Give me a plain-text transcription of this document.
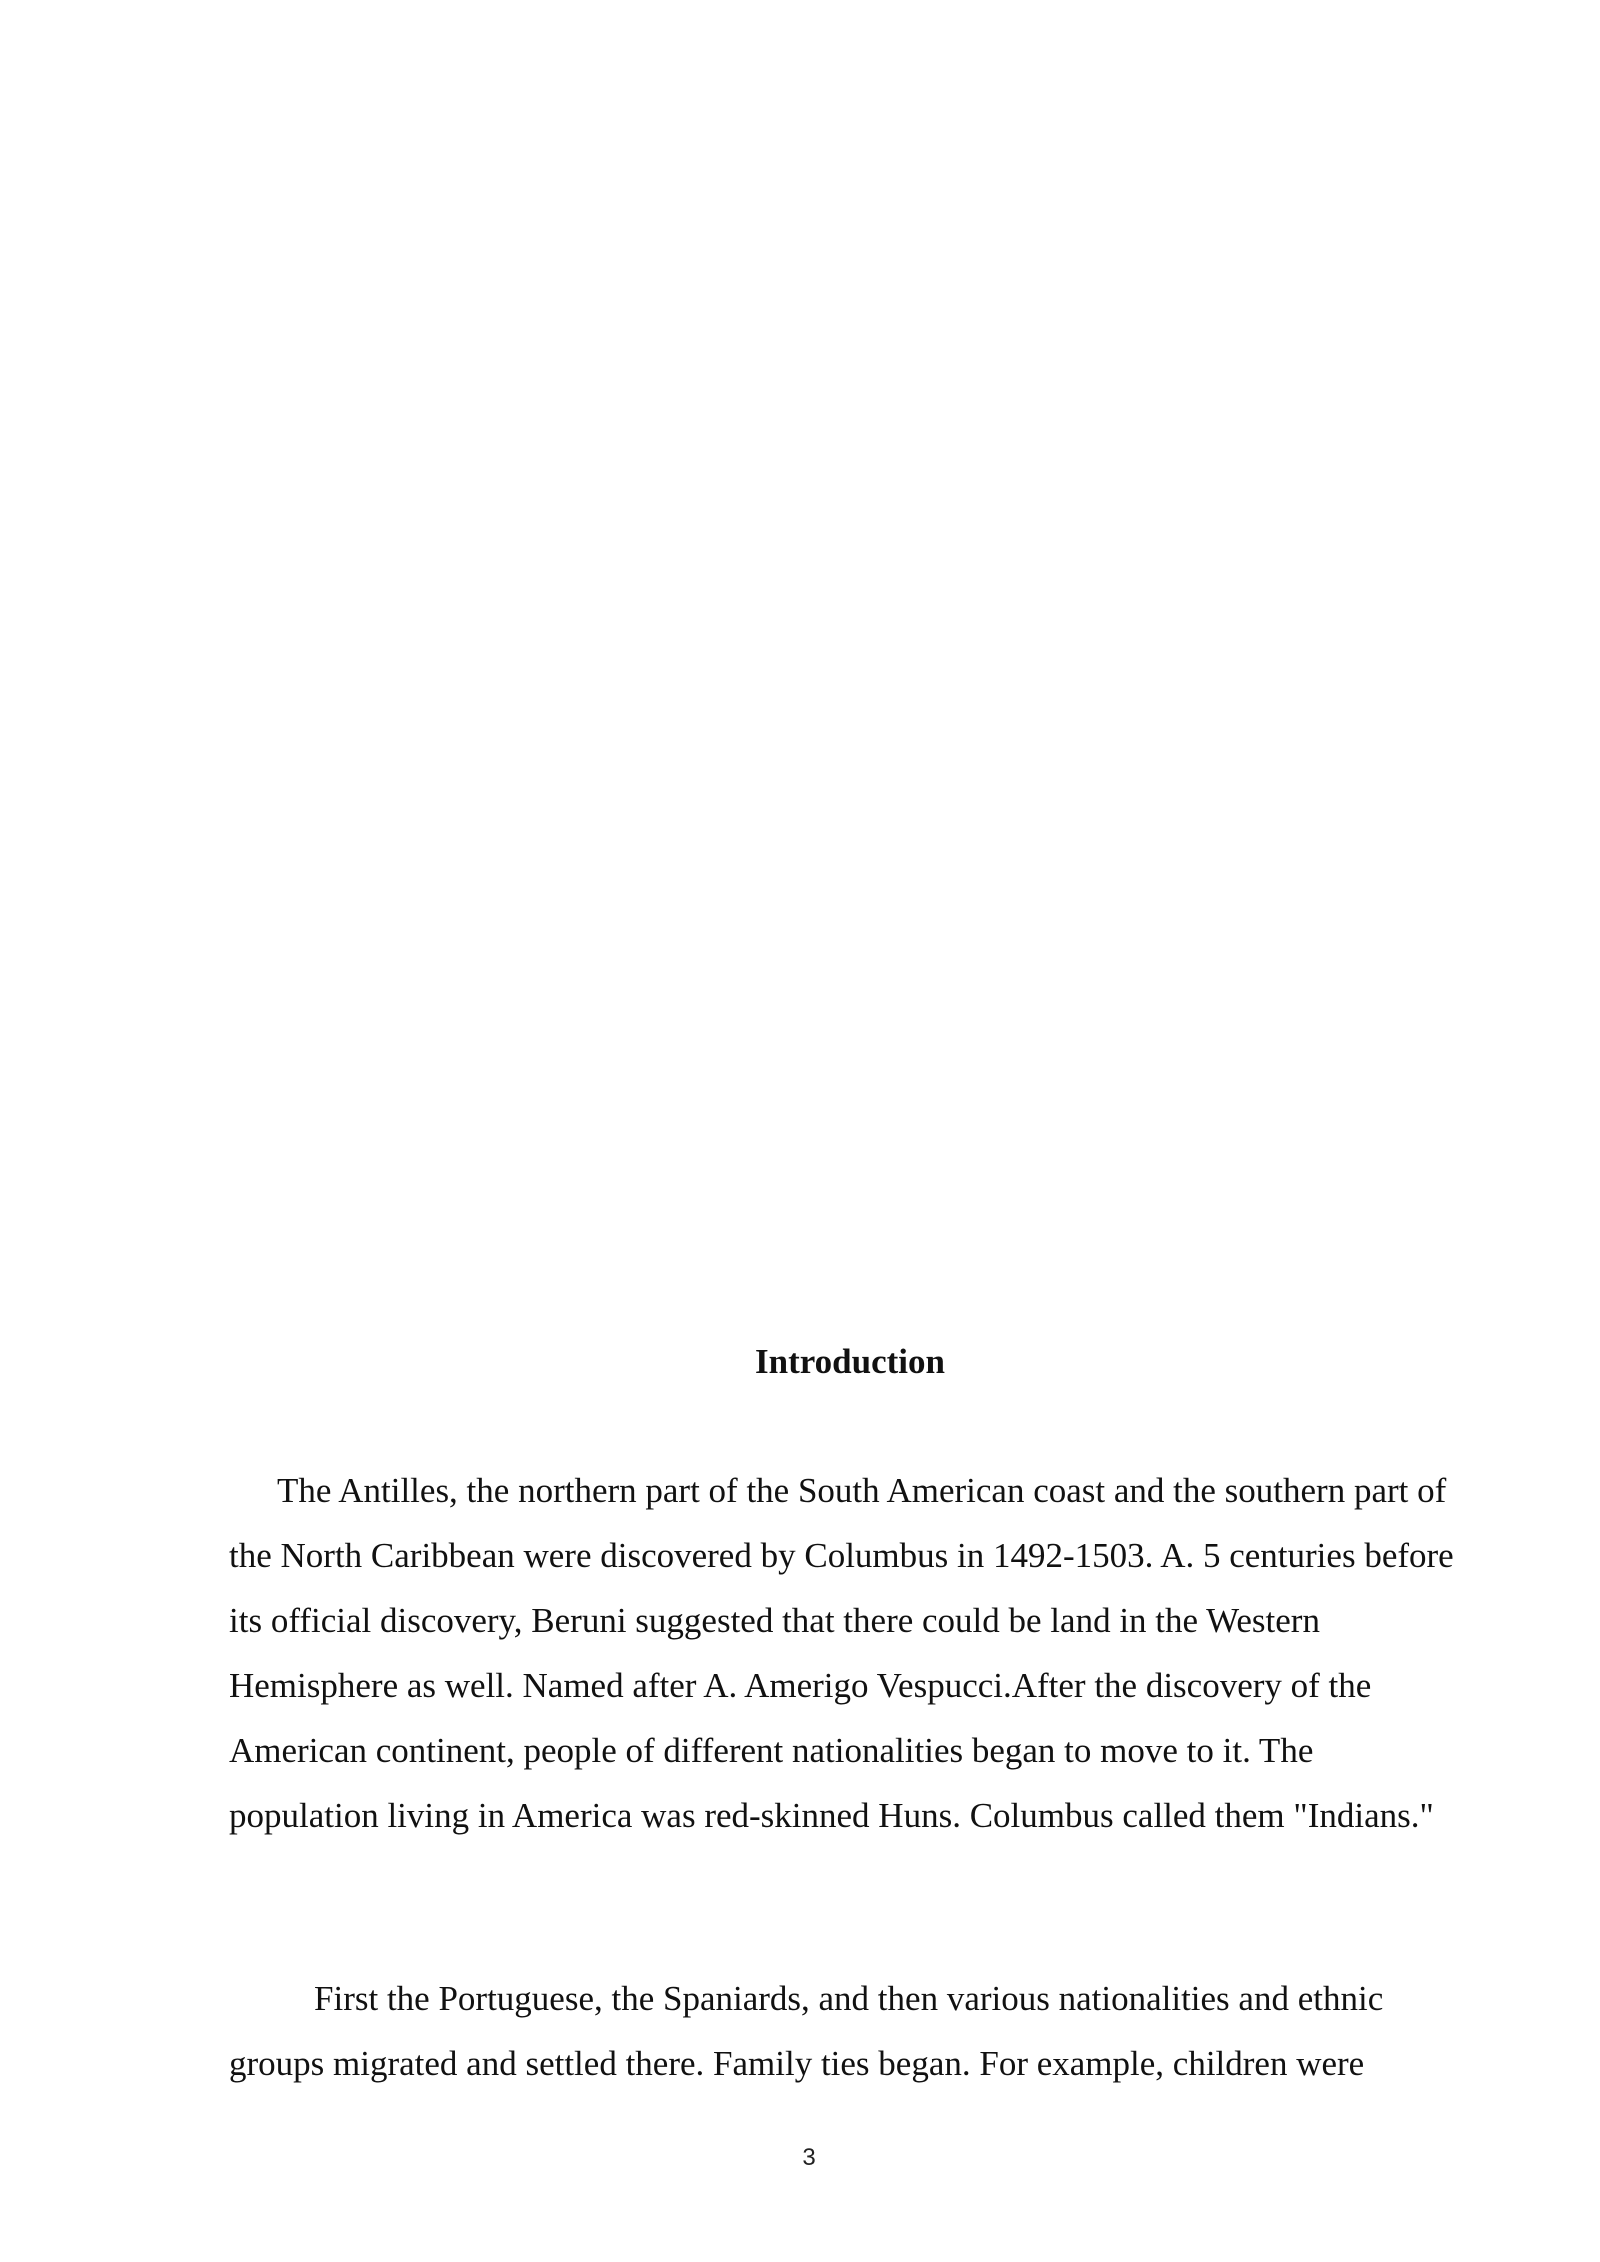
Introduction

The Antilles, the northern part of the South American coast and the southern part of the North Caribbean were discovered by Columbus in 1492-1503. A. 5 centuries before its official discovery, Beruni suggested that there could be land in the Western Hemisphere as well. Named after A. Amerigo Vespucci.After the discovery of the American continent, people of different nationalities began to move to it. The population living in America was red-skinned Huns. Columbus called them "Indians."

First the Portuguese, the Spaniards, and then various nationalities and ethnic groups migrated and settled there. Family ties began. For example, children were

3
